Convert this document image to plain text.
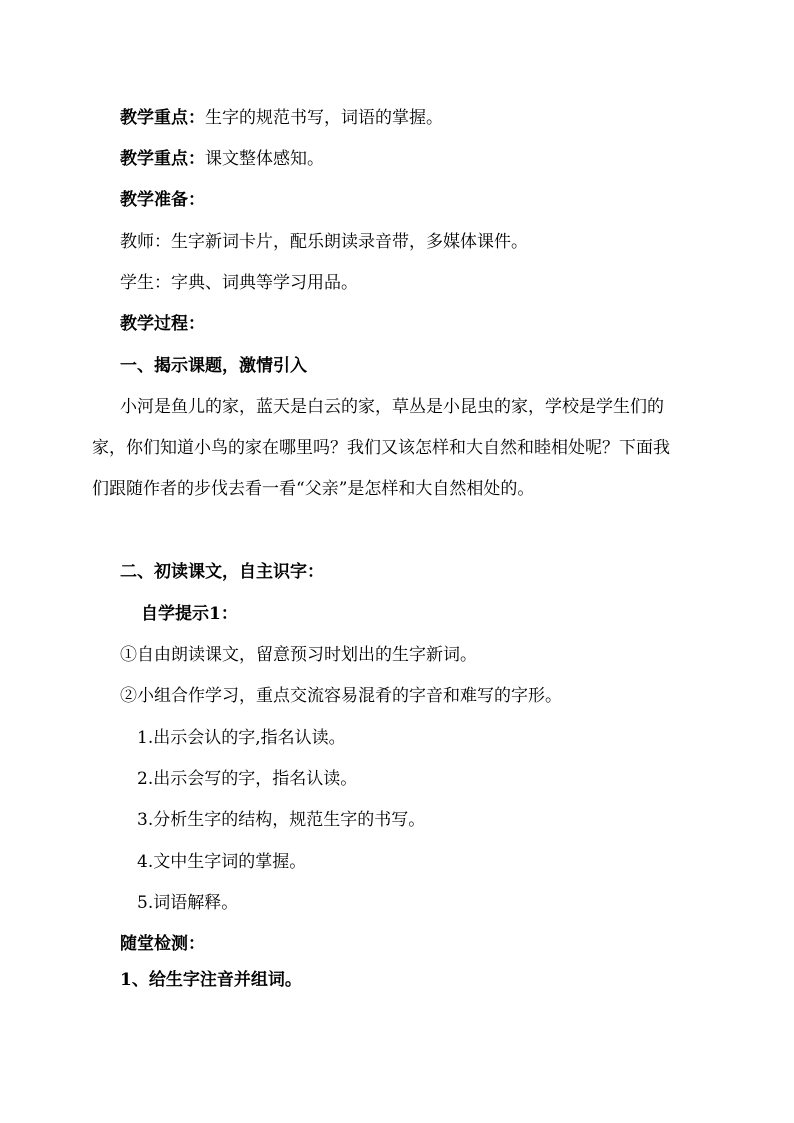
教学重点：生字的规范书写，词语的掌握。
教学重点：课文整体感知。
教学准备：
教师：生字新词卡片，配乐朗读录音带，多媒体课件。
学生：字典、词典等学习用品。
教学过程：
一、揭示课题，激情引入
小河是鱼儿的家，蓝天是白云的家，草丛是小昆虫的家，学校是学生们的家，你们知道小鸟的家在哪里吗？我们又该怎样和大自然和睦相处呢？下面我们跟随作者的步伐去看一看“父亲”是怎样和大自然相处的。
二、初读课文，自主识字：
自学提示1：
①自由朗读课文，留意预习时划出的生字新词。
②小组合作学习，重点交流容易混肴的字音和难写的字形。
1.出示会认的字,指名认读。
2.出示会写的字，指名认读。
3.分析生字的结构，规范生字的书写。
4.文中生字词的掌握。
5.词语解释。
随堂检测：
1、给生字注音并组词。
